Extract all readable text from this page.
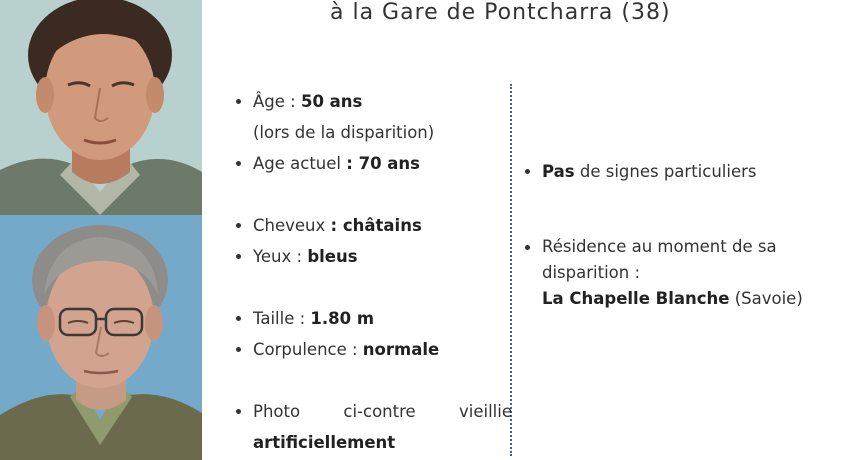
à la Gare de Pontcharra (38)
Âge : 50 ans
(lors de la disparition)
Age actuel : 70 ans
Cheveux : châtains
Yeux : bleus
Taille : 1.80 m
Corpulence : normale
Photo	ci-contre	vieillie
artificiellement
Pas de signes particuliers
Résidence au moment de sa
disparition :
La Chapelle Blanche (Savoie)
